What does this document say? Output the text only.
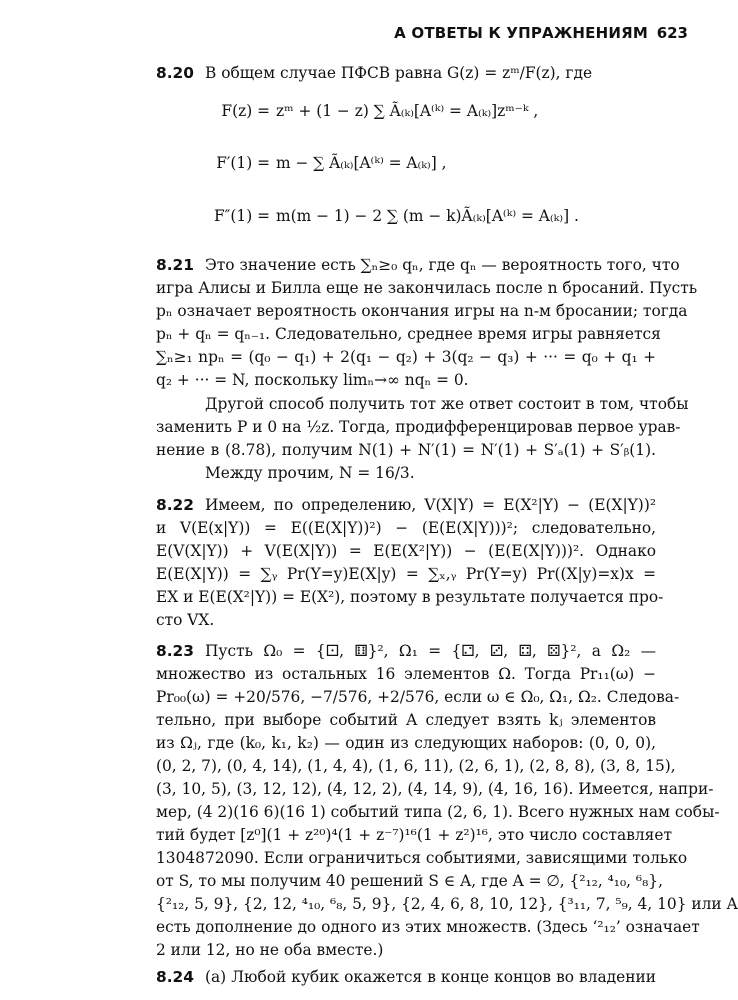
А ОТВЕТЫ К УПРАЖНЕНИЯМ 623
8.20 В общем случае ПФСВ равна G(z) = zᵐ/F(z), где
F(z) = zᵐ + (1 − z) ∑ Ã₍ₖ₎[A⁽ᵏ⁾ = A₍ₖ₎]zᵐ⁻ᵏ ,
F′(1) = m − ∑ Ã₍ₖ₎[A⁽ᵏ⁾ = A₍ₖ₎] ,
F″(1) = m(m − 1) − 2 ∑ (m − k)Ã₍ₖ₎[A⁽ᵏ⁾ = A₍ₖ₎] .
8.21 Это значение есть ∑ₙ≥₀ qₙ, где qₙ — вероятность того, что
игра Алисы и Билла еще не закончилась после n бросаний. Пусть
pₙ означает вероятность окончания игры на n-м бросании; тогда
pₙ + qₙ = qₙ₋₁. Следовательно, среднее время игры равняется
∑ₙ≥₁ npₙ = (q₀ − q₁) + 2(q₁ − q₂) + 3(q₂ − q₃) + ··· = q₀ + q₁ +
q₂ + ··· = N, поскольку limₙ→∞ nqₙ = 0.
Другой способ получить тот же ответ состоит в том, чтобы
заменить P и 0 на ½z. Тогда, продифференцировав первое урав-
нение в (8.78), получим N(1) + N′(1) = N′(1) + S′ₐ(1) + S′ᵦ(1).
Между прочим, N = 16/3.
8.22 Имеем, по определению, V(X|Y) = E(X²|Y) − (E(X|Y))²
и V(E(x|Y)) = E((E(X|Y))²) − (E(E(X|Y)))²; следовательно,
E(V(X|Y)) + V(E(X|Y)) = E(E(X²|Y)) − (E(E(X|Y)))². Однако
E(E(X|Y)) = ∑ᵧ Pr(Y=y)E(X|y) = ∑ₓ,ᵧ Pr(Y=y) Pr((X|y)=x)x =
EX и E(E(X²|Y)) = E(X²), поэтому в результате получается про-
сто VX.
8.23 Пусть Ω₀ = {⚀, ⚅}², Ω₁ = {⚁, ⚂, ⚃, ⚄}², а Ω₂ —
множество из остальных 16 элементов Ω. Тогда Pr₁₁(ω) −
Pr₀₀(ω) = +20/576, −7/576, +2/576, если ω ∈ Ω₀, Ω₁, Ω₂. Следова-
тельно, при выборе событий A следует взять kⱼ элементов
из Ωⱼ, где (k₀, k₁, k₂) — один из следующих наборов: (0, 0, 0),
(0, 2, 7), (0, 4, 14), (1, 4, 4), (1, 6, 11), (2, 6, 1), (2, 8, 8), (3, 8, 15),
(3, 10, 5), (3, 12, 12), (4, 12, 2), (4, 14, 9), (4, 16, 16). Имеется, напри-
мер, (4 2)(16 6)(16 1) событий типа (2, 6, 1). Всего нужных нам собы-
тий будет [z⁰](1 + z²⁰)⁴(1 + z⁻⁷)¹⁶(1 + z²)¹⁶, это число составляет
1304872090. Если ограничиться событиями, зависящими только
от S, то мы получим 40 решений S ∈ A, где A = ∅, {²₁₂, ⁴₁₀, ⁶₈},
{²₁₂, 5, 9}, {2, 12, ⁴₁₀, ⁶₈, 5, 9}, {2, 4, 6, 8, 10, 12}, {³₁₁, 7, ⁵₉, 4, 10} или A
есть дополнение до одного из этих множеств. (Здесь ‘²₁₂’ означает
2 или 12, но не оба вместе.)
8.24 (a) Любой кубик окажется в конце концов во владении
